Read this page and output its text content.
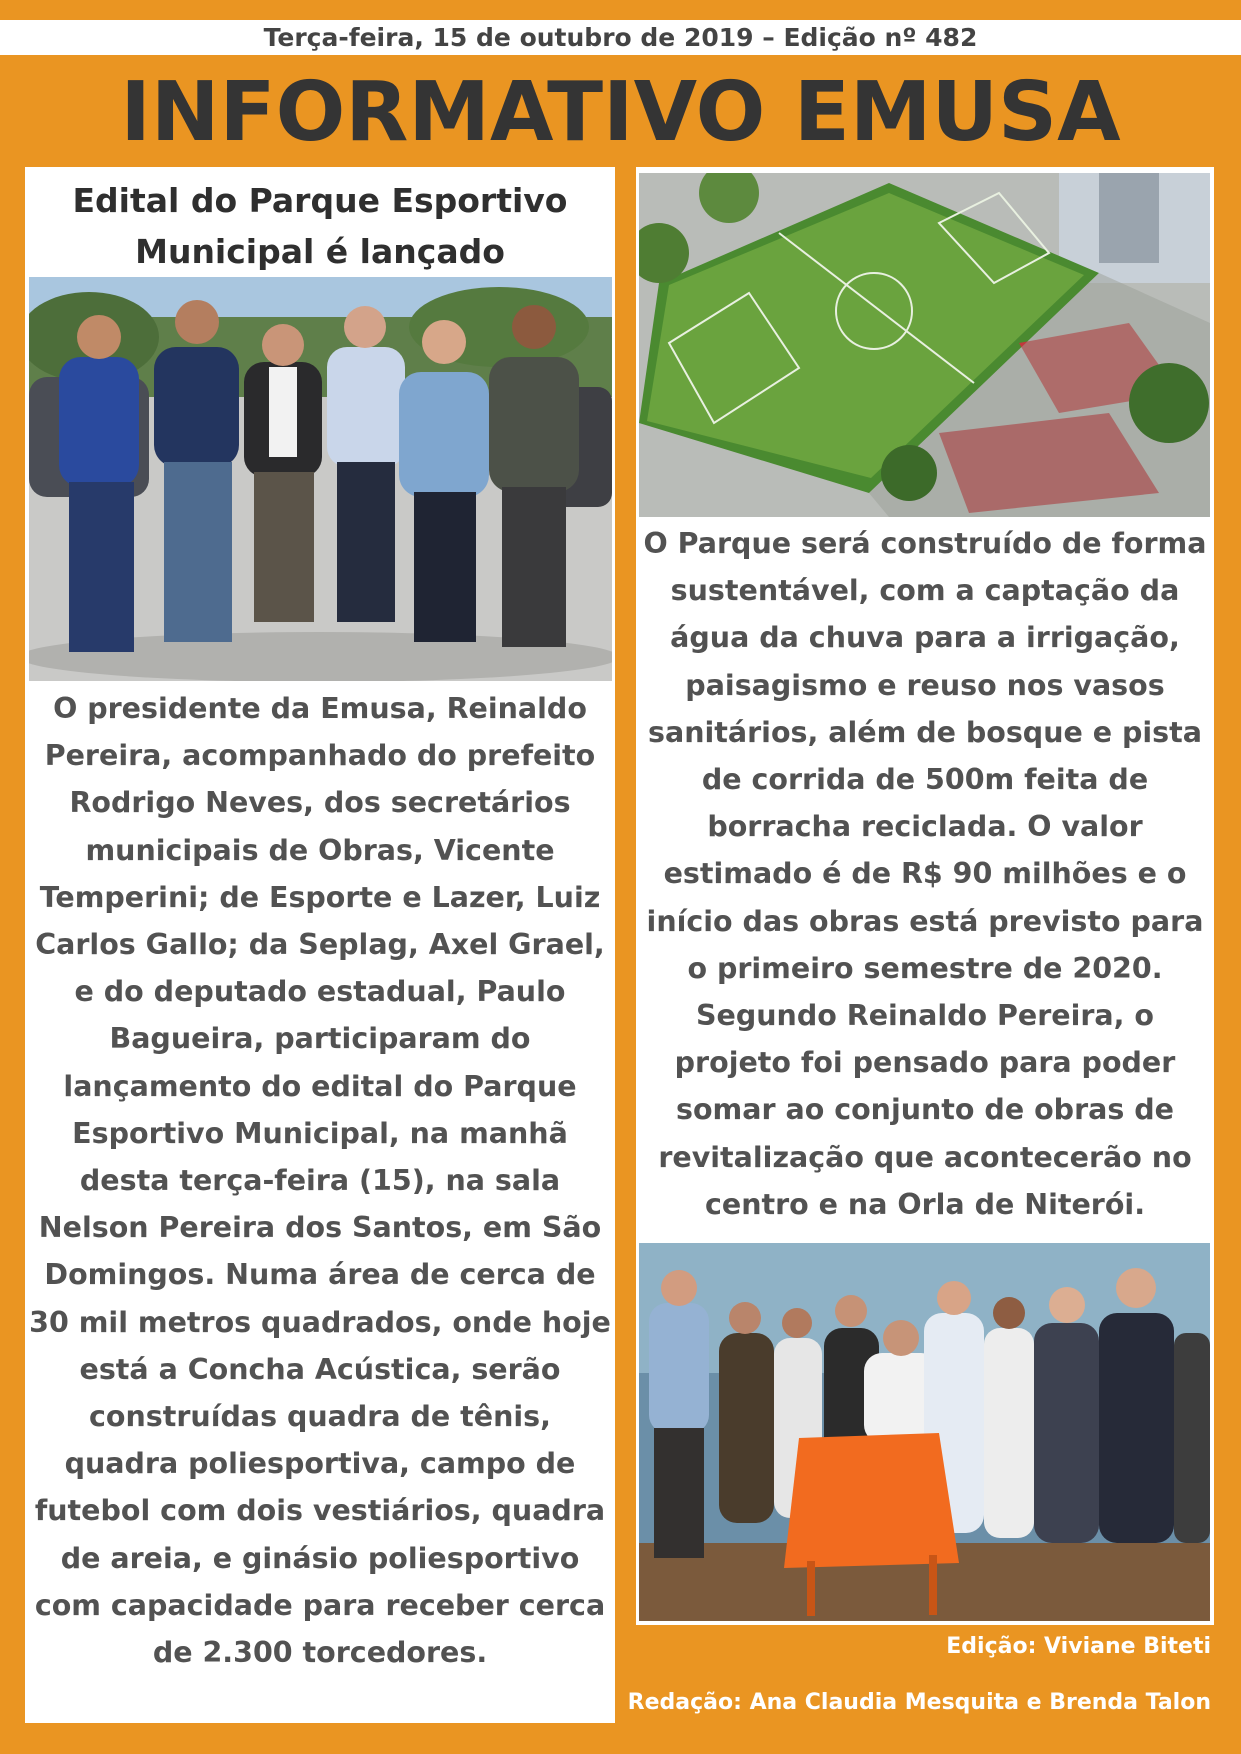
Terça-feira, 15 de outubro de 2019 – Edição nº 482
INFORMATIVO EMUSA
Edital do Parque Esportivo Municipal é lançado
O presidente da Emusa, Reinaldo Pereira, acompanhado do prefeito Rodrigo Neves, dos secretários municipais de Obras, Vicente Temperini; de Esporte e Lazer, Luiz Carlos Gallo; da Seplag, Axel Grael, e do deputado estadual, Paulo Bagueira, participaram do lançamento do edital do Parque Esportivo Municipal, na manhã desta terça-feira (15), na sala Nelson Pereira dos Santos, em São Domingos. Numa área de cerca de 30 mil metros quadrados, onde hoje está a Concha Acústica, serão construídas quadra de tênis, quadra poliesportiva, campo de futebol com dois vestiários, quadra de areia, e ginásio poliesportivo com capacidade para receber cerca de 2.300 torcedores.
O Parque será construído de forma sustentável, com a captação da água da chuva para a irrigação, paisagismo e reuso nos vasos sanitários, além de bosque e pista de corrida de 500m feita de borracha reciclada. O valor estimado é de R$ 90 milhões e o início das obras está previsto para o primeiro semestre de 2020. Segundo Reinaldo Pereira, o projeto foi pensado para poder somar ao conjunto de obras de revitalização que acontecerão no centro e na Orla de Niterói.
Edição: Viviane Biteti
Redação: Ana Claudia Mesquita e Brenda Talon
